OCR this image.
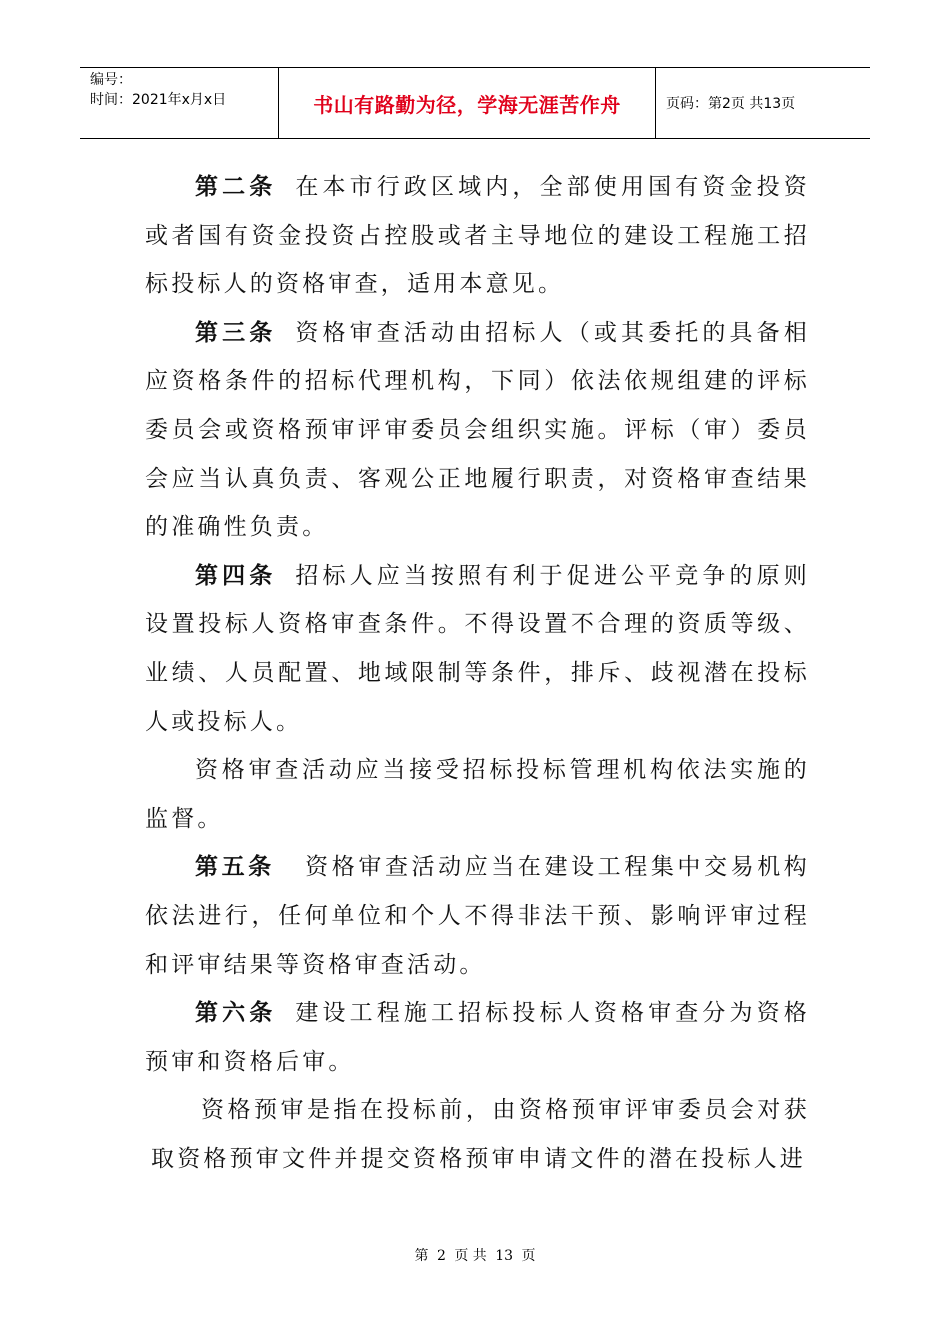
编号：
时间：2021年x月x日	书山有路勤为径，学海无涯苦作舟	页码：第2页 共13页

第二条 在本市行政区域内，全部使用国有资金投资或者国有资金投资占控股或者主导地位的建设工程施工招标投标人的资格审查，适用本意见。

第三条 资格审查活动由招标人（或其委托的具备相应资格条件的招标代理机构，下同）依法依规组建的评标委员会或资格预审评审委员会组织实施。评标（审）委员会应当认真负责、客观公正地履行职责，对资格审查结果的准确性负责。

第四条 招标人应当按照有利于促进公平竞争的原则设置投标人资格审查条件。不得设置不合理的资质等级、业绩、人员配置、地域限制等条件，排斥、歧视潜在投标人或投标人。

资格审查活动应当接受招标投标管理机构依法实施的监督。

第五条 资格审查活动应当在建设工程集中交易机构依法进行，任何单位和个人不得非法干预、影响评审过程和评审结果等资格审查活动。

第六条 建设工程施工招标投标人资格审查分为资格预审和资格后审。

资格预审是指在投标前，由资格预审评审委员会对获取资格预审文件并提交资格预审申请文件的潜在投标人进

第 2 页 共 13 页
